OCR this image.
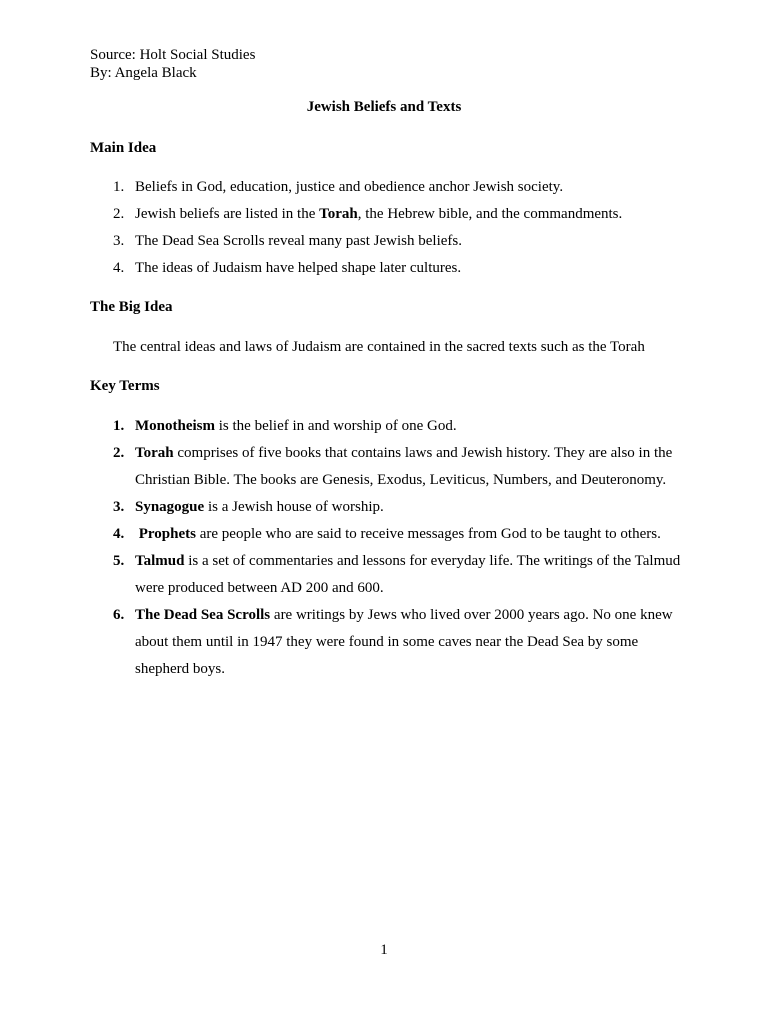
Source: Holt Social Studies
By: Angela Black
Jewish Beliefs and Texts
Main Idea
1. Beliefs in God, education, justice and obedience anchor Jewish society.
2. Jewish beliefs are listed in the Torah, the Hebrew bible, and the commandments.
3. The Dead Sea Scrolls reveal many past Jewish beliefs.
4. The ideas of Judaism have helped shape later cultures.
The Big Idea
The central ideas and laws of Judaism are contained in the sacred texts such as the Torah
Key Terms
1. Monotheism is the belief in and worship of one God.
2. Torah comprises of five books that contains laws and Jewish history. They are also in the Christian Bible. The books are Genesis, Exodus, Leviticus, Numbers, and Deuteronomy.
3. Synagogue is a Jewish house of worship.
4. Prophets are people who are said to receive messages from God to be taught to others.
5. Talmud is a set of commentaries and lessons for everyday life. The writings of the Talmud were produced between AD 200 and 600.
6. The Dead Sea Scrolls are writings by Jews who lived over 2000 years ago. No one knew about them until in 1947 they were found in some caves near the Dead Sea by some shepherd boys.
1
